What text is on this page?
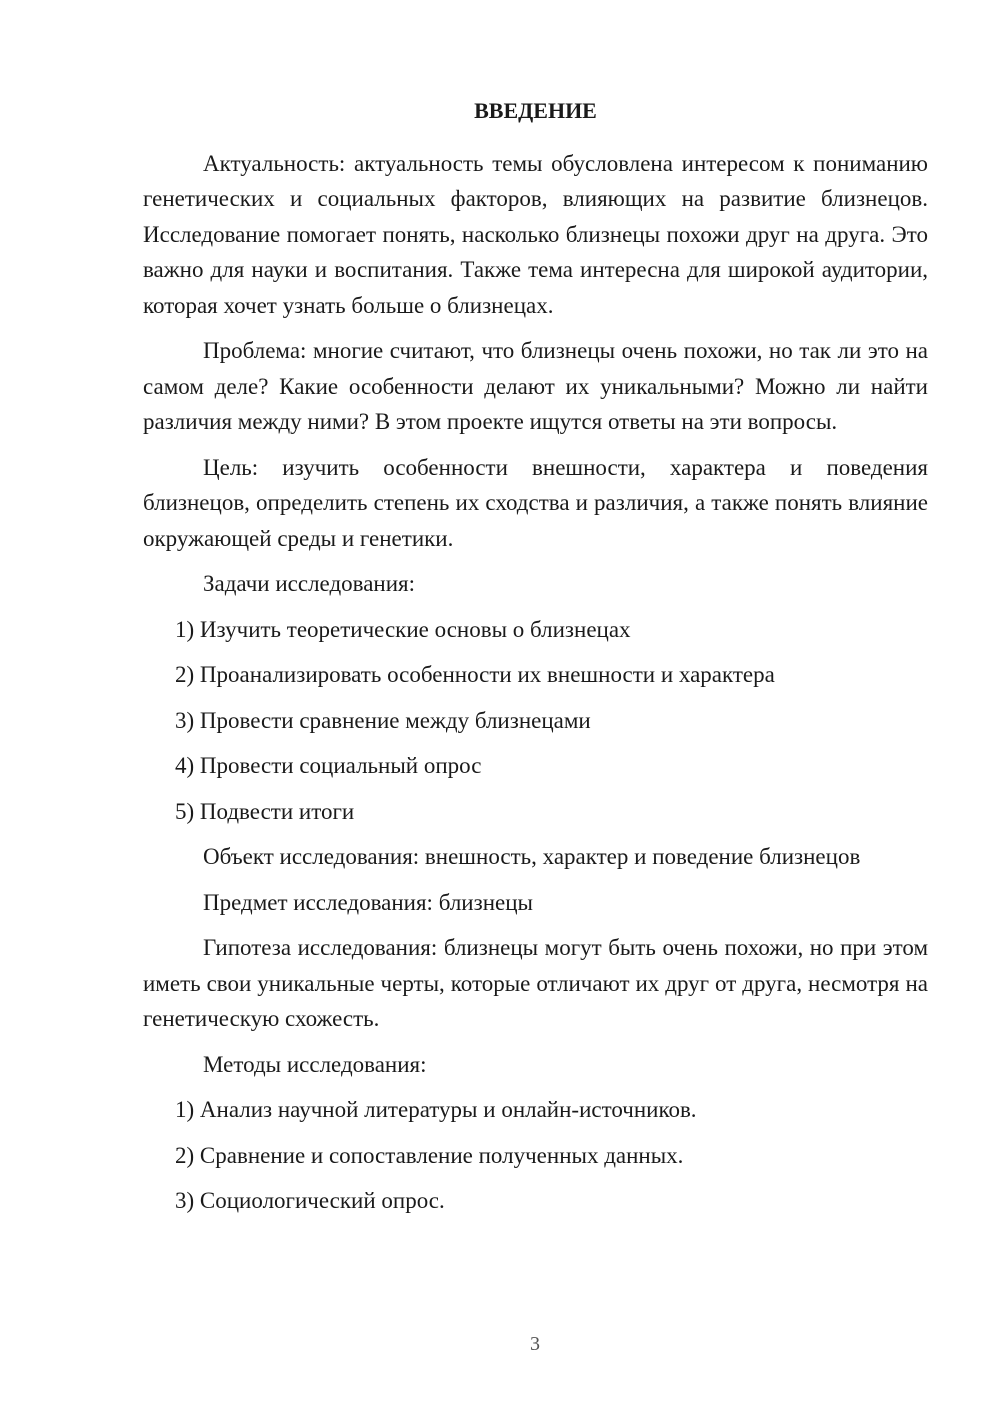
ВВЕДЕНИЕ

Актуальность: актуальность темы обусловлена интересом к пониманию генетических и социальных факторов, влияющих на развитие близнецов. Исследование помогает понять, насколько близнецы похожи друг на друга. Это важно для науки и воспитания. Также тема интересна для широкой аудитории, которая хочет узнать больше о близнецах.

Проблема: многие считают, что близнецы очень похожи, но так ли это на самом деле? Какие особенности делают их уникальными? Можно ли найти различия между ними? В этом проекте ищутся ответы на эти вопросы.

Цель: изучить особенности внешности, характера и поведения близнецов, определить степень их сходства и различия, а также понять влияние окружающей среды и генетики.

Задачи исследования:

1) Изучить теоретические основы о близнецах

2) Проанализировать особенности их внешности и характера

3) Провести сравнение между близнецами

4) Провести социальный опрос

5) Подвести итоги

Объект исследования: внешность, характер и поведение близнецов

Предмет исследования: близнецы

Гипотеза исследования: близнецы могут быть очень похожи, но при этом иметь свои уникальные черты, которые отличают их друг от друга, несмотря на генетическую схожесть.

Методы исследования:

1) Анализ научной литературы и онлайн-источников.

2) Сравнение и сопоставление полученных данных.

3) Социологический опрос.

3
